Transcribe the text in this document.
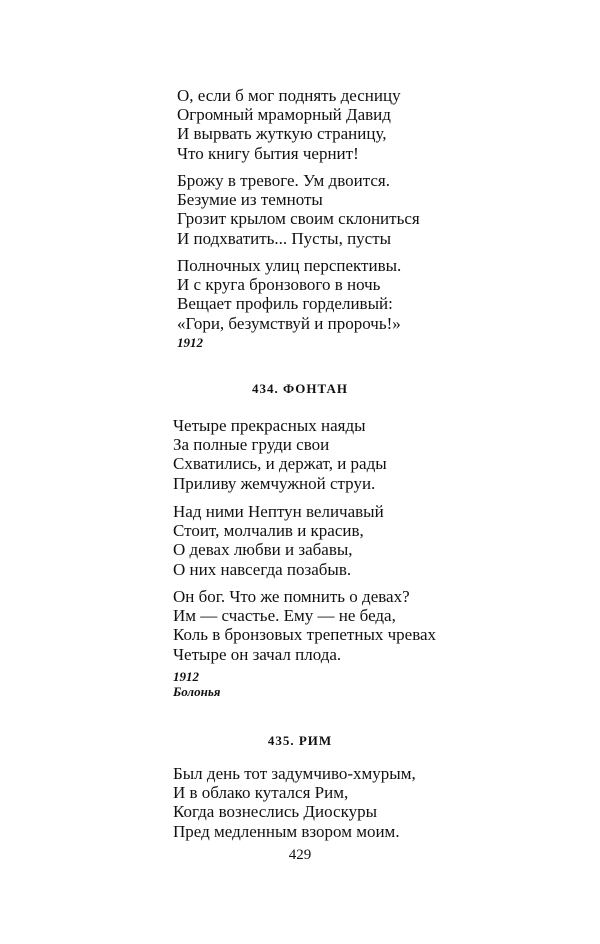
О, если б мог поднять десницу
Огромный мраморный Давид
И вырвать жуткую страницу,
Что книгу бытия чернит!
Брожу в тревоге. Ум двоится.
Безумие из темноты
Грозит крылом своим склониться
И подхватить... Пусты, пусты
Полночных улиц перспективы.
И с круга бронзового в ночь
Вещает профиль горделивый:
«Гори, безумствуй и пророчь!»
1912
434. ФОНТАН
Четыре прекрасных наяды
За полные груди свои
Схватились, и держат, и рады
Приливу жемчужной струи.
Над ними Нептун величавый
Стоит, молчалив и красив,
О девах любви и забавы,
О них навсегда позабыв.
Он бог. Что же помнить о девах?
Им — счастье. Ему — не беда,
Коль в бронзовых трепетных чревах
Четыре он зачал плода.
1912
Болонья
435. РИМ
Был день тот задумчиво-хмурым,
И в облако кутался Рим,
Когда вознеслись Диоскуры
Пред медленным взором моим.
429
